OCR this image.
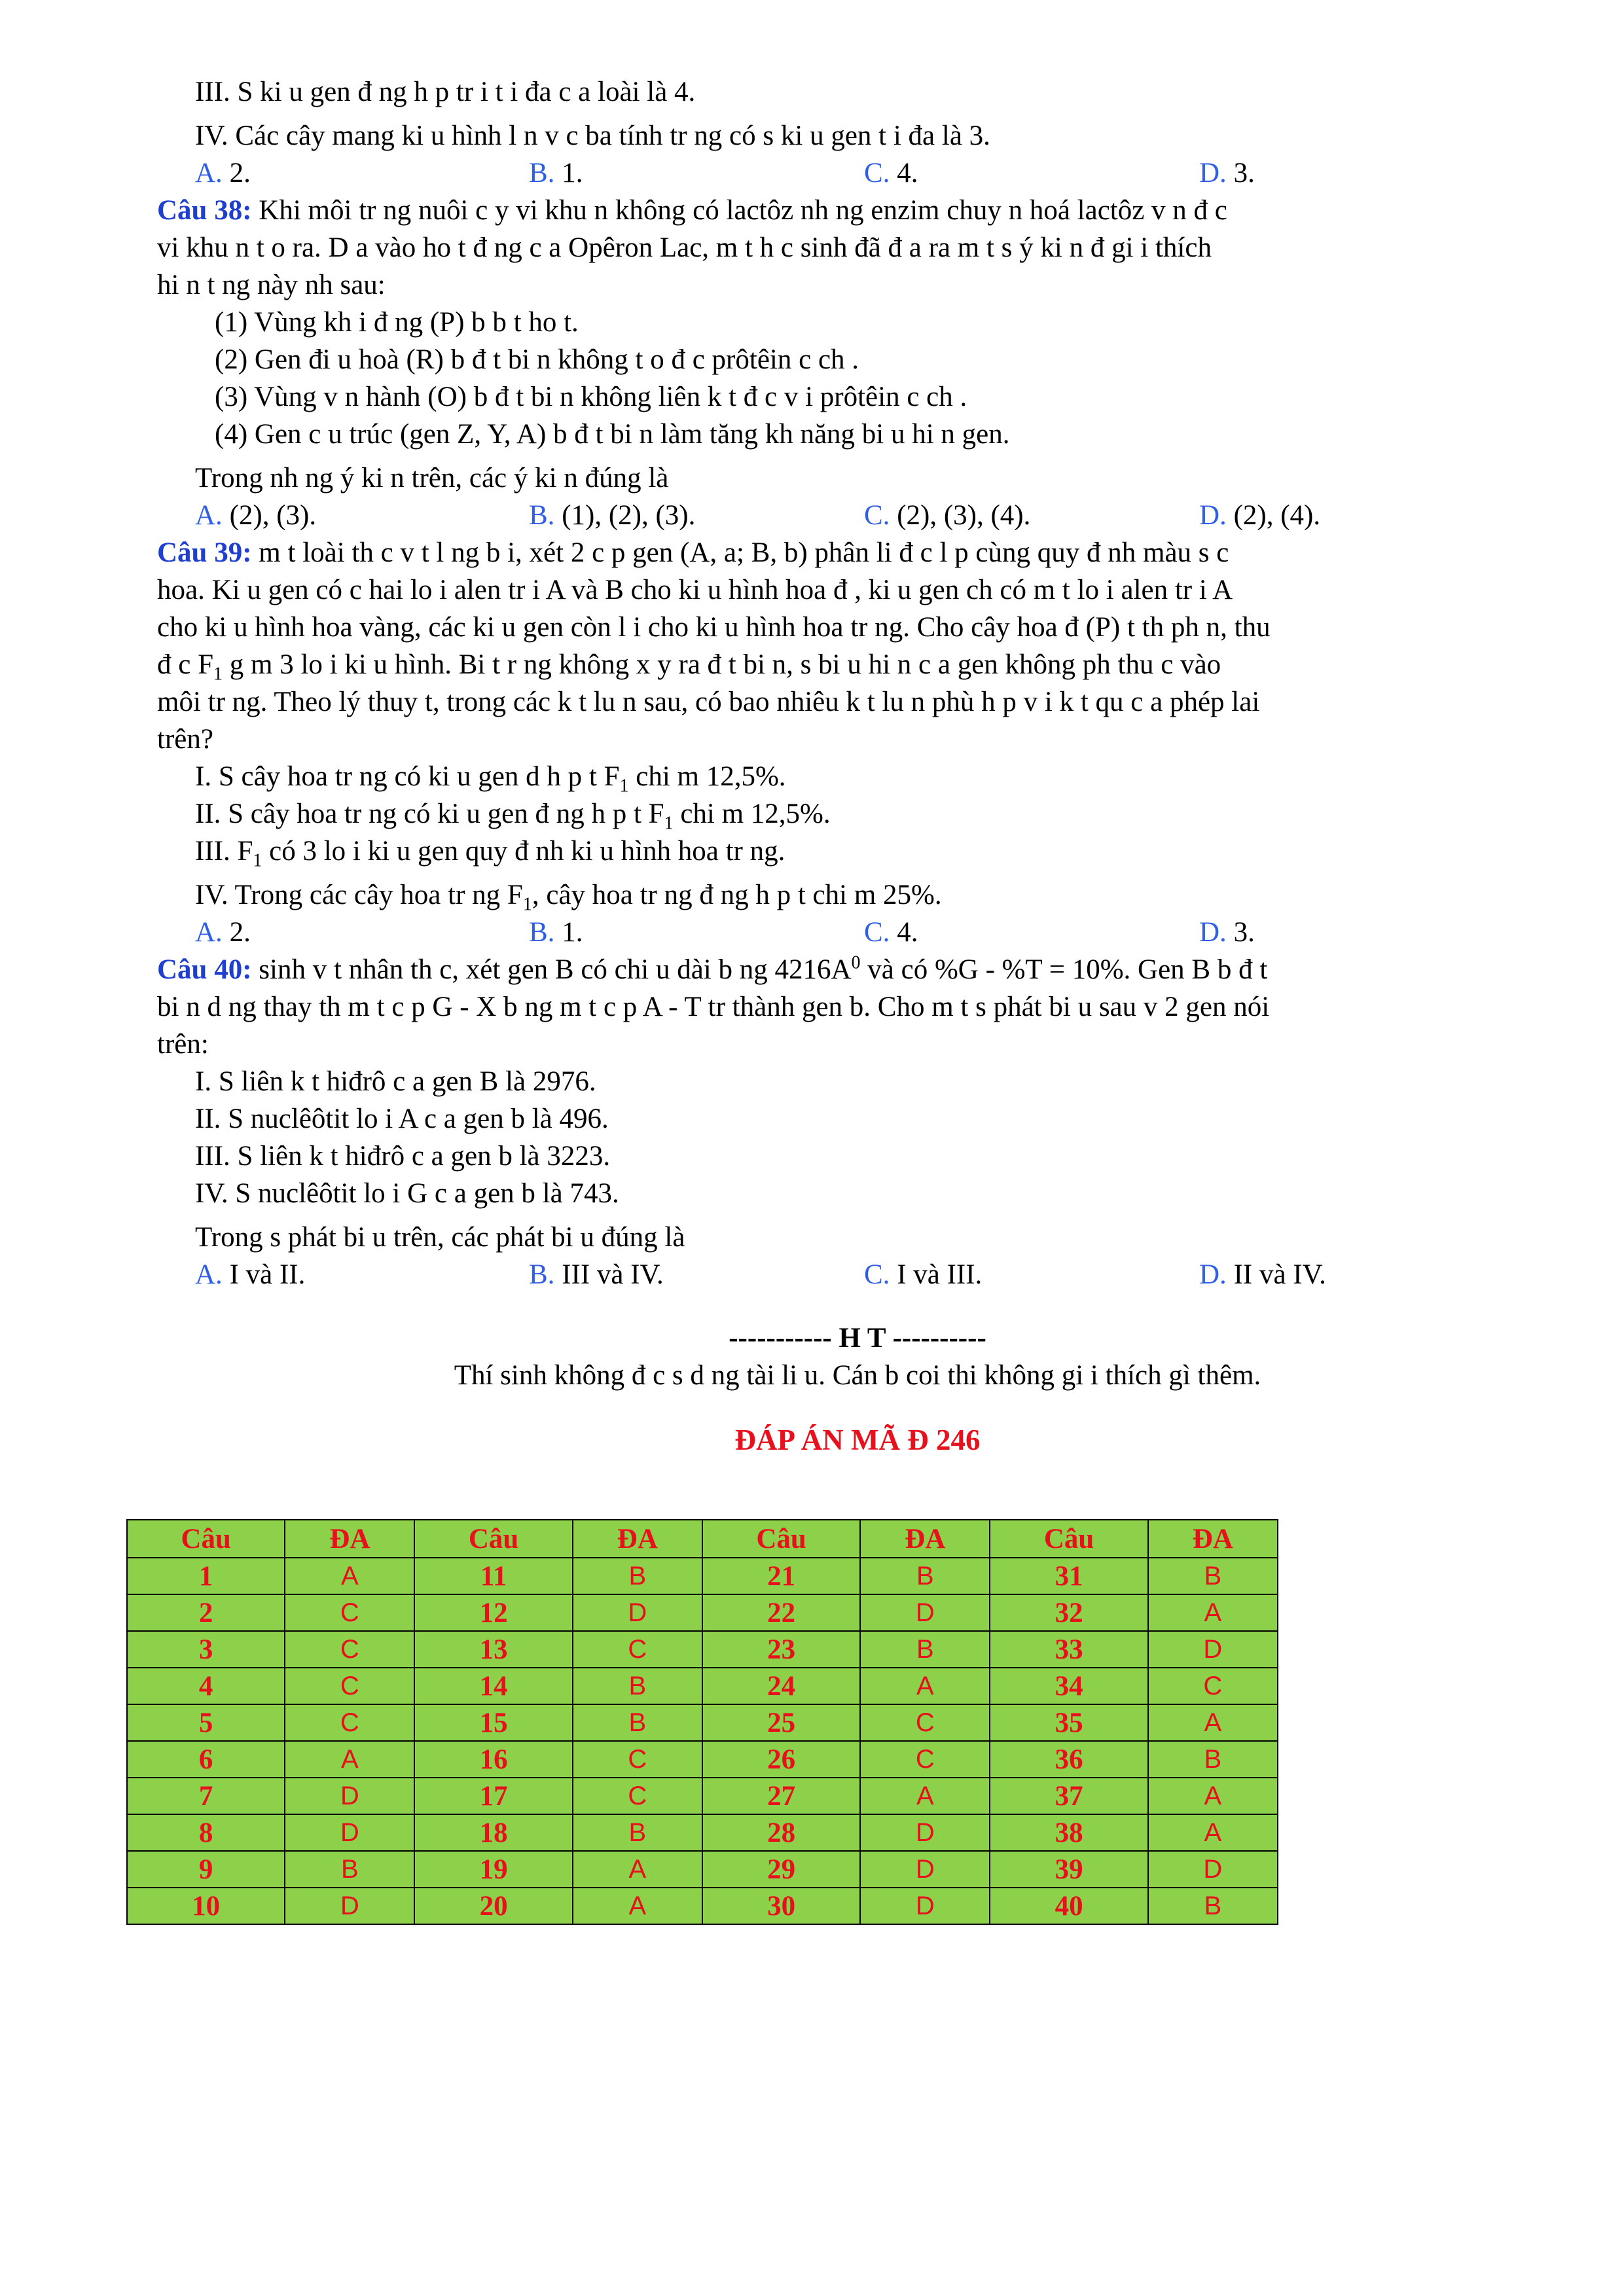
III. S ki u gen đ ng h p tr i t i đa c a loài là 4.
IV. Các cây mang ki u hình l n v c ba tính tr ng có s ki u gen t i đa là 3.
A. 2.	B. 1.	C. 4.	D. 3.
Câu 38: Khi môi tr ng nuôi c y vi khu n không có lactôz nh ng enzim chuy n hoá lactôz v n đ c
vi khu n t o ra. D a vào ho t đ ng c a Opêron Lac, m t h c sinh đã đ a ra m t s ý ki n đ gi i thích
hi n t ng này nh sau:
(1) Vùng kh i đ ng (P) b b t ho t.
(2) Gen đi u hoà (R) b đ t bi n không t o đ c prôtêin c ch .
(3) Vùng v n hành (O) b đ t bi n không liên k t đ c v i prôtêin c ch .
(4) Gen c u trúc (gen Z, Y, A) b đ t bi n làm tăng kh năng bi u hi n gen.
Trong nh ng ý ki n trên, các ý ki n đúng là
A. (2), (3).	B. (1), (2), (3).	C. (2), (3), (4).	D. (2), (4).
Câu 39: m t loài th c v t l ng b i, xét 2 c p gen (A, a; B, b) phân li đ c l p cùng quy đ nh màu s c
hoa. Ki u gen có c hai lo i alen tr i A và B cho ki u hình hoa đ , ki u gen ch có m t lo i alen tr i A
cho ki u hình hoa vàng, các ki u gen còn l i cho ki u hình hoa tr ng. Cho cây hoa đ (P) t th ph n, thu
đ c $F_1$ g m 3 lo i ki u hình. Bi t r ng không x y ra đ t bi n, s bi u hi n c a gen không ph thu c vào
môi tr ng. Theo lý thuy t, trong các k t lu n sau, có bao nhiêu k t lu n phù h p v i k t qu c a phép lai
trên?
I. S cây hoa tr ng có ki u gen d h p t $F_1$ chi m 12,5%.
II. S cây hoa tr ng có ki u gen đ ng h p t $F_1$ chi m 12,5%.
III. $F_1$ có 3 lo i ki u gen quy đ nh ki u hình hoa tr ng.
IV. Trong các cây hoa tr ng $F_1$, cây hoa tr ng đ ng h p t chi m 25%.
A. 2.	B. 1.	C. 4.	D. 3.
Câu 40: sinh v t nhân th c, xét gen B có chi u dài b ng $4216A^0$ và có %G - %T = 10%. Gen B b đ t
bi n d ng thay th m t c p G - X b ng m t c p A - T tr thành gen b. Cho m t s phát bi u sau v 2 gen nói
trên:
I. S liên k t hiđrô c a gen B là 2976.
II. S nuclêôtit lo i A c a gen b là 496.
III. S liên k t hiđrô c a gen b là 3223.
IV. S nuclêôtit lo i G c a gen b là 743.
Trong s phát bi u trên, các phát bi u đúng là
A. I và II.	B. III và IV.	C. I và III.	D. II và IV.
----------- H T ----------
Thí sinh không đ c s d ng tài li u. Cán b coi thi không gi i thích gì thêm.
ĐÁP ÁN MÃ Đ 246
Câu	ĐA	Câu	ĐA	Câu	ĐA	Câu	ĐA
1	A	11	B	21	B	31	B
2	C	12	D	22	D	32	A
3	C	13	C	23	B	33	D
4	C	14	B	24	A	34	C
5	C	15	B	25	C	35	A
6	A	16	C	26	C	36	B
7	D	17	C	27	A	37	A
8	D	18	B	28	D	38	A
9	B	19	A	29	D	39	D
10	D	20	A	30	D	40	B
